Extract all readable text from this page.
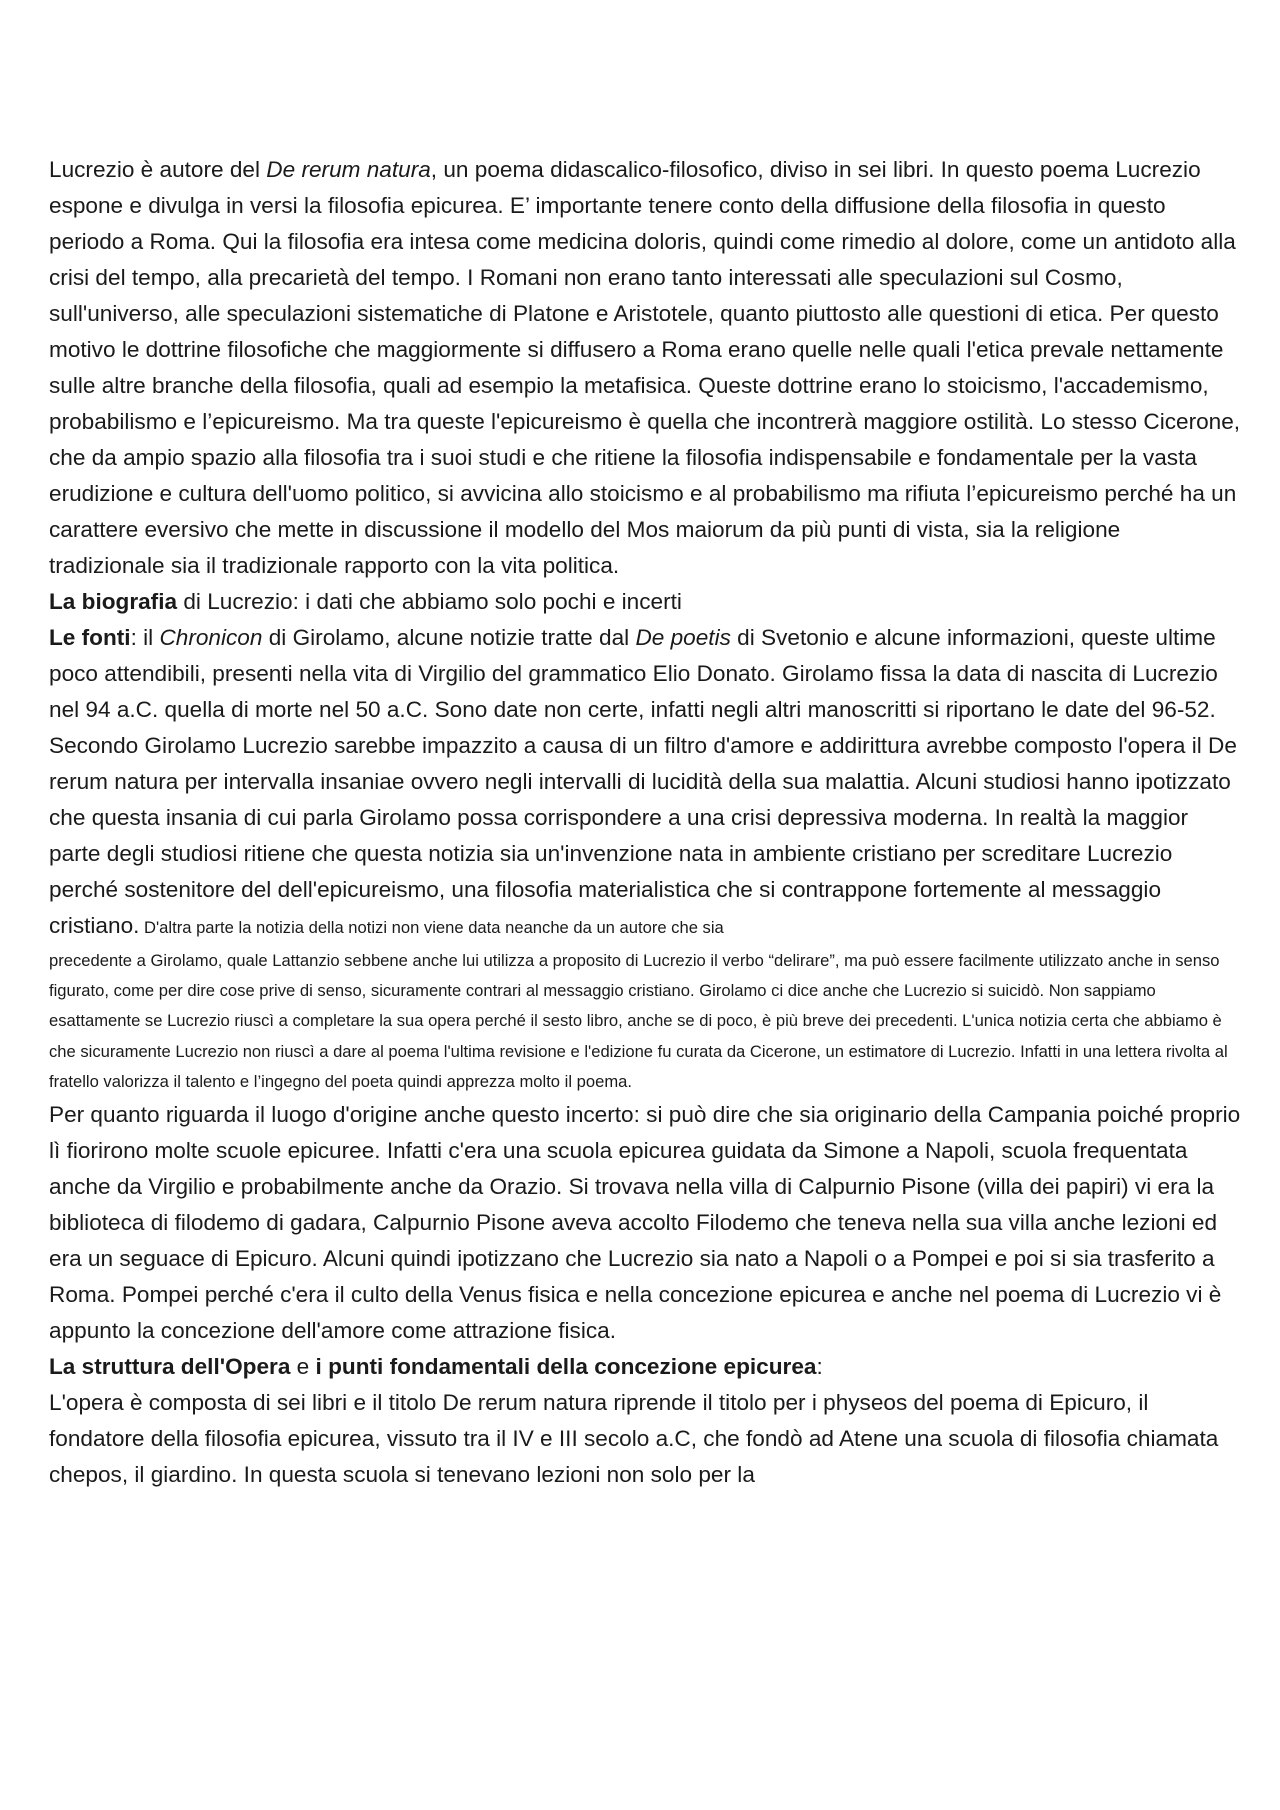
Lucrezio è autore del De rerum natura, un poema didascalico-filosofico, diviso in sei libri. In questo poema Lucrezio espone e divulga in versi la filosofia epicurea. E’ importante tenere conto della diffusione della filosofia in questo periodo a Roma. Qui la filosofia era intesa come medicina doloris, quindi come rimedio al dolore, come un antidoto alla crisi del tempo, alla precarietà del tempo. I Romani non erano tanto interessati alle speculazioni sul Cosmo, sull'universo, alle speculazioni sistematiche di Platone e Aristotele, quanto piuttosto alle questioni di etica. Per questo motivo le dottrine filosofiche che maggiormente si diffusero a Roma erano quelle nelle quali l'etica prevale nettamente sulle altre branche della filosofia, quali ad esempio la metafisica. Queste dottrine erano lo stoicismo, l'accademismo, probabilismo e l’epicureismo. Ma tra queste l'epicureismo è quella che incontrerà maggiore ostilità. Lo stesso Cicerone, che da ampio spazio alla filosofia tra i suoi studi e che ritiene la filosofia indispensabile e fondamentale per la vasta erudizione e cultura dell'uomo politico, si avvicina allo stoicismo e al probabilismo ma rifiuta l’epicureismo perché ha un carattere eversivo che mette in discussione il modello del Mos maiorum da più punti di vista, sia la religione tradizionale sia il tradizionale rapporto con la vita politica.

La biografia di Lucrezio: i dati che abbiamo solo pochi e incerti

Le fonti: il Chronicon di Girolamo, alcune notizie tratte dal De poetis di Svetonio e alcune informazioni, queste ultime poco attendibili, presenti nella vita di Virgilio del grammatico Elio Donato. Girolamo fissa la data di nascita di Lucrezio nel 94 a.C. quella di morte nel 50 a.C. Sono date non certe, infatti negli altri manoscritti si riportano le date del 96-52. Secondo Girolamo Lucrezio sarebbe impazzito a causa di un filtro d'amore e addirittura avrebbe composto l'opera il De rerum natura per intervalla insaniae ovvero negli intervalli di lucidità della sua malattia. Alcuni studiosi hanno ipotizzato che questa insania di cui parla Girolamo possa corrispondere a una crisi depressiva moderna. In realtà la maggior parte degli studiosi ritiene che questa notizia sia un'invenzione nata in ambiente cristiano per screditare Lucrezio perché sostenitore del dell'epicureismo, una filosofia materialistica che si contrappone fortemente al messaggio cristiano. D'altra parte la notizia della notizi non viene data neanche da un autore che sia

precedente a Girolamo, quale Lattanzio sebbene anche lui utilizza a proposito di Lucrezio il verbo “delirare”, ma può essere facilmente utilizzato anche in senso figurato, come per dire cose prive di senso, sicuramente contrari al messaggio cristiano. Girolamo ci dice anche che Lucrezio si suicidò. Non sappiamo esattamente se Lucrezio riuscì a completare la sua opera perché il sesto libro, anche se di poco, è più breve dei precedenti. L'unica notizia certa che abbiamo è che sicuramente Lucrezio non riuscì a dare al poema l'ultima revisione e l'edizione fu curata da Cicerone, un estimatore di Lucrezio. Infatti in una lettera rivolta al fratello valorizza il talento e l’ingegno del poeta quindi apprezza molto il poema.

Per quanto riguarda il luogo d'origine anche questo incerto: si può dire che sia originario della Campania poiché proprio lì fiorirono molte scuole epicuree. Infatti c'era una scuola epicurea guidata da Simone a Napoli, scuola frequentata anche da Virgilio e probabilmente anche da Orazio. Si trovava nella villa di Calpurnio Pisone (villa dei papiri) vi era la biblioteca di filodemo di gadara, Calpurnio Pisone aveva accolto Filodemo che teneva nella sua villa anche lezioni ed era un seguace di Epicuro. Alcuni quindi ipotizzano che Lucrezio sia nato a Napoli o a Pompei e poi si sia trasferito a Roma. Pompei perché c'era il culto della Venus fisica e nella concezione epicurea e anche nel poema di Lucrezio vi è appunto la concezione dell'amore come attrazione fisica.

La struttura dell'Opera e i punti fondamentali della concezione epicurea:

L'opera è composta di sei libri e il titolo De rerum natura riprende il titolo per i physeos del poema di Epicuro, il fondatore della filosofia epicurea, vissuto tra il IV e III secolo a.C, che fondò ad Atene una scuola di filosofia chiamata chepos, il giardino. In questa scuola si tenevano lezioni non solo per la
